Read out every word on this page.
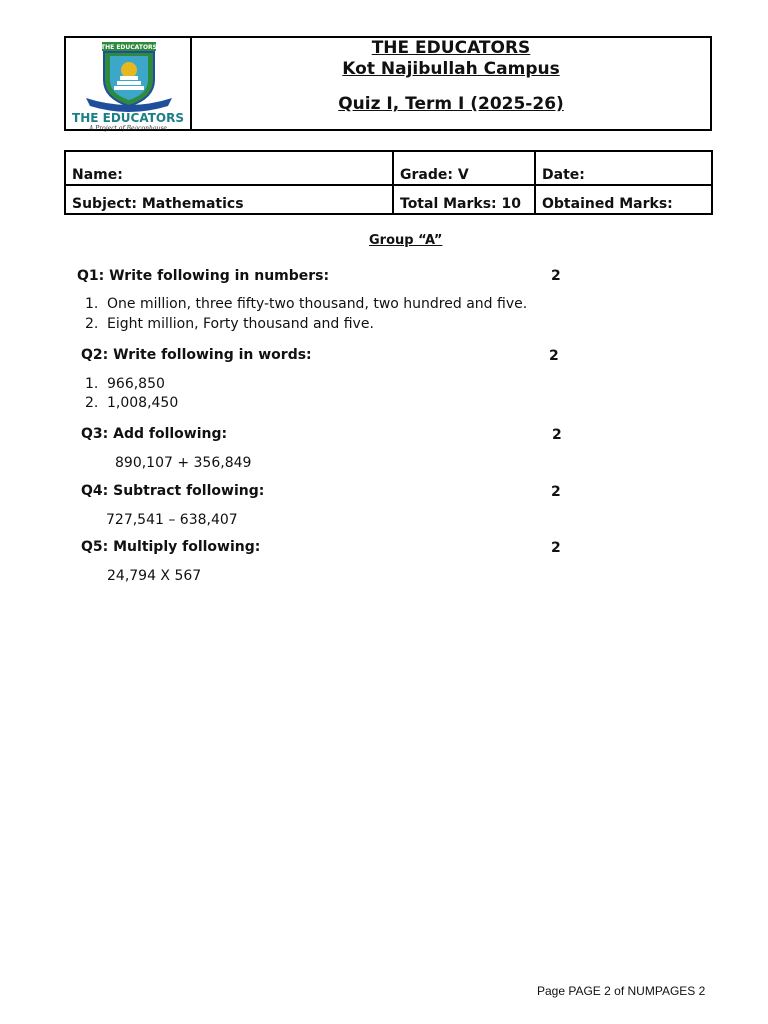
THE EDUCATORS
THE EDUCATORS
A Project of Beaconhouse
THE EDUCATORS
Kot Najibullah Campus
Quiz I, Term I (2025-26)
Name:	Grade: V	Date:
Subject: Mathematics	Total Marks: 10	Obtained Marks:
Group “A”
Q1: Write following in numbers:	2
1. One million, three fifty-two thousand, two hundred and five.
2. Eight million, Forty thousand and five.
Q2: Write following in words:	2
1. 966,850
2. 1,008,450
Q3: Add following:	2
890,107 + 356,849
Q4: Subtract following:	2
727,541 – 638,407
Q5: Multiply following:	2
24,794 X 567
Page PAGE 2 of NUMPAGES 2
